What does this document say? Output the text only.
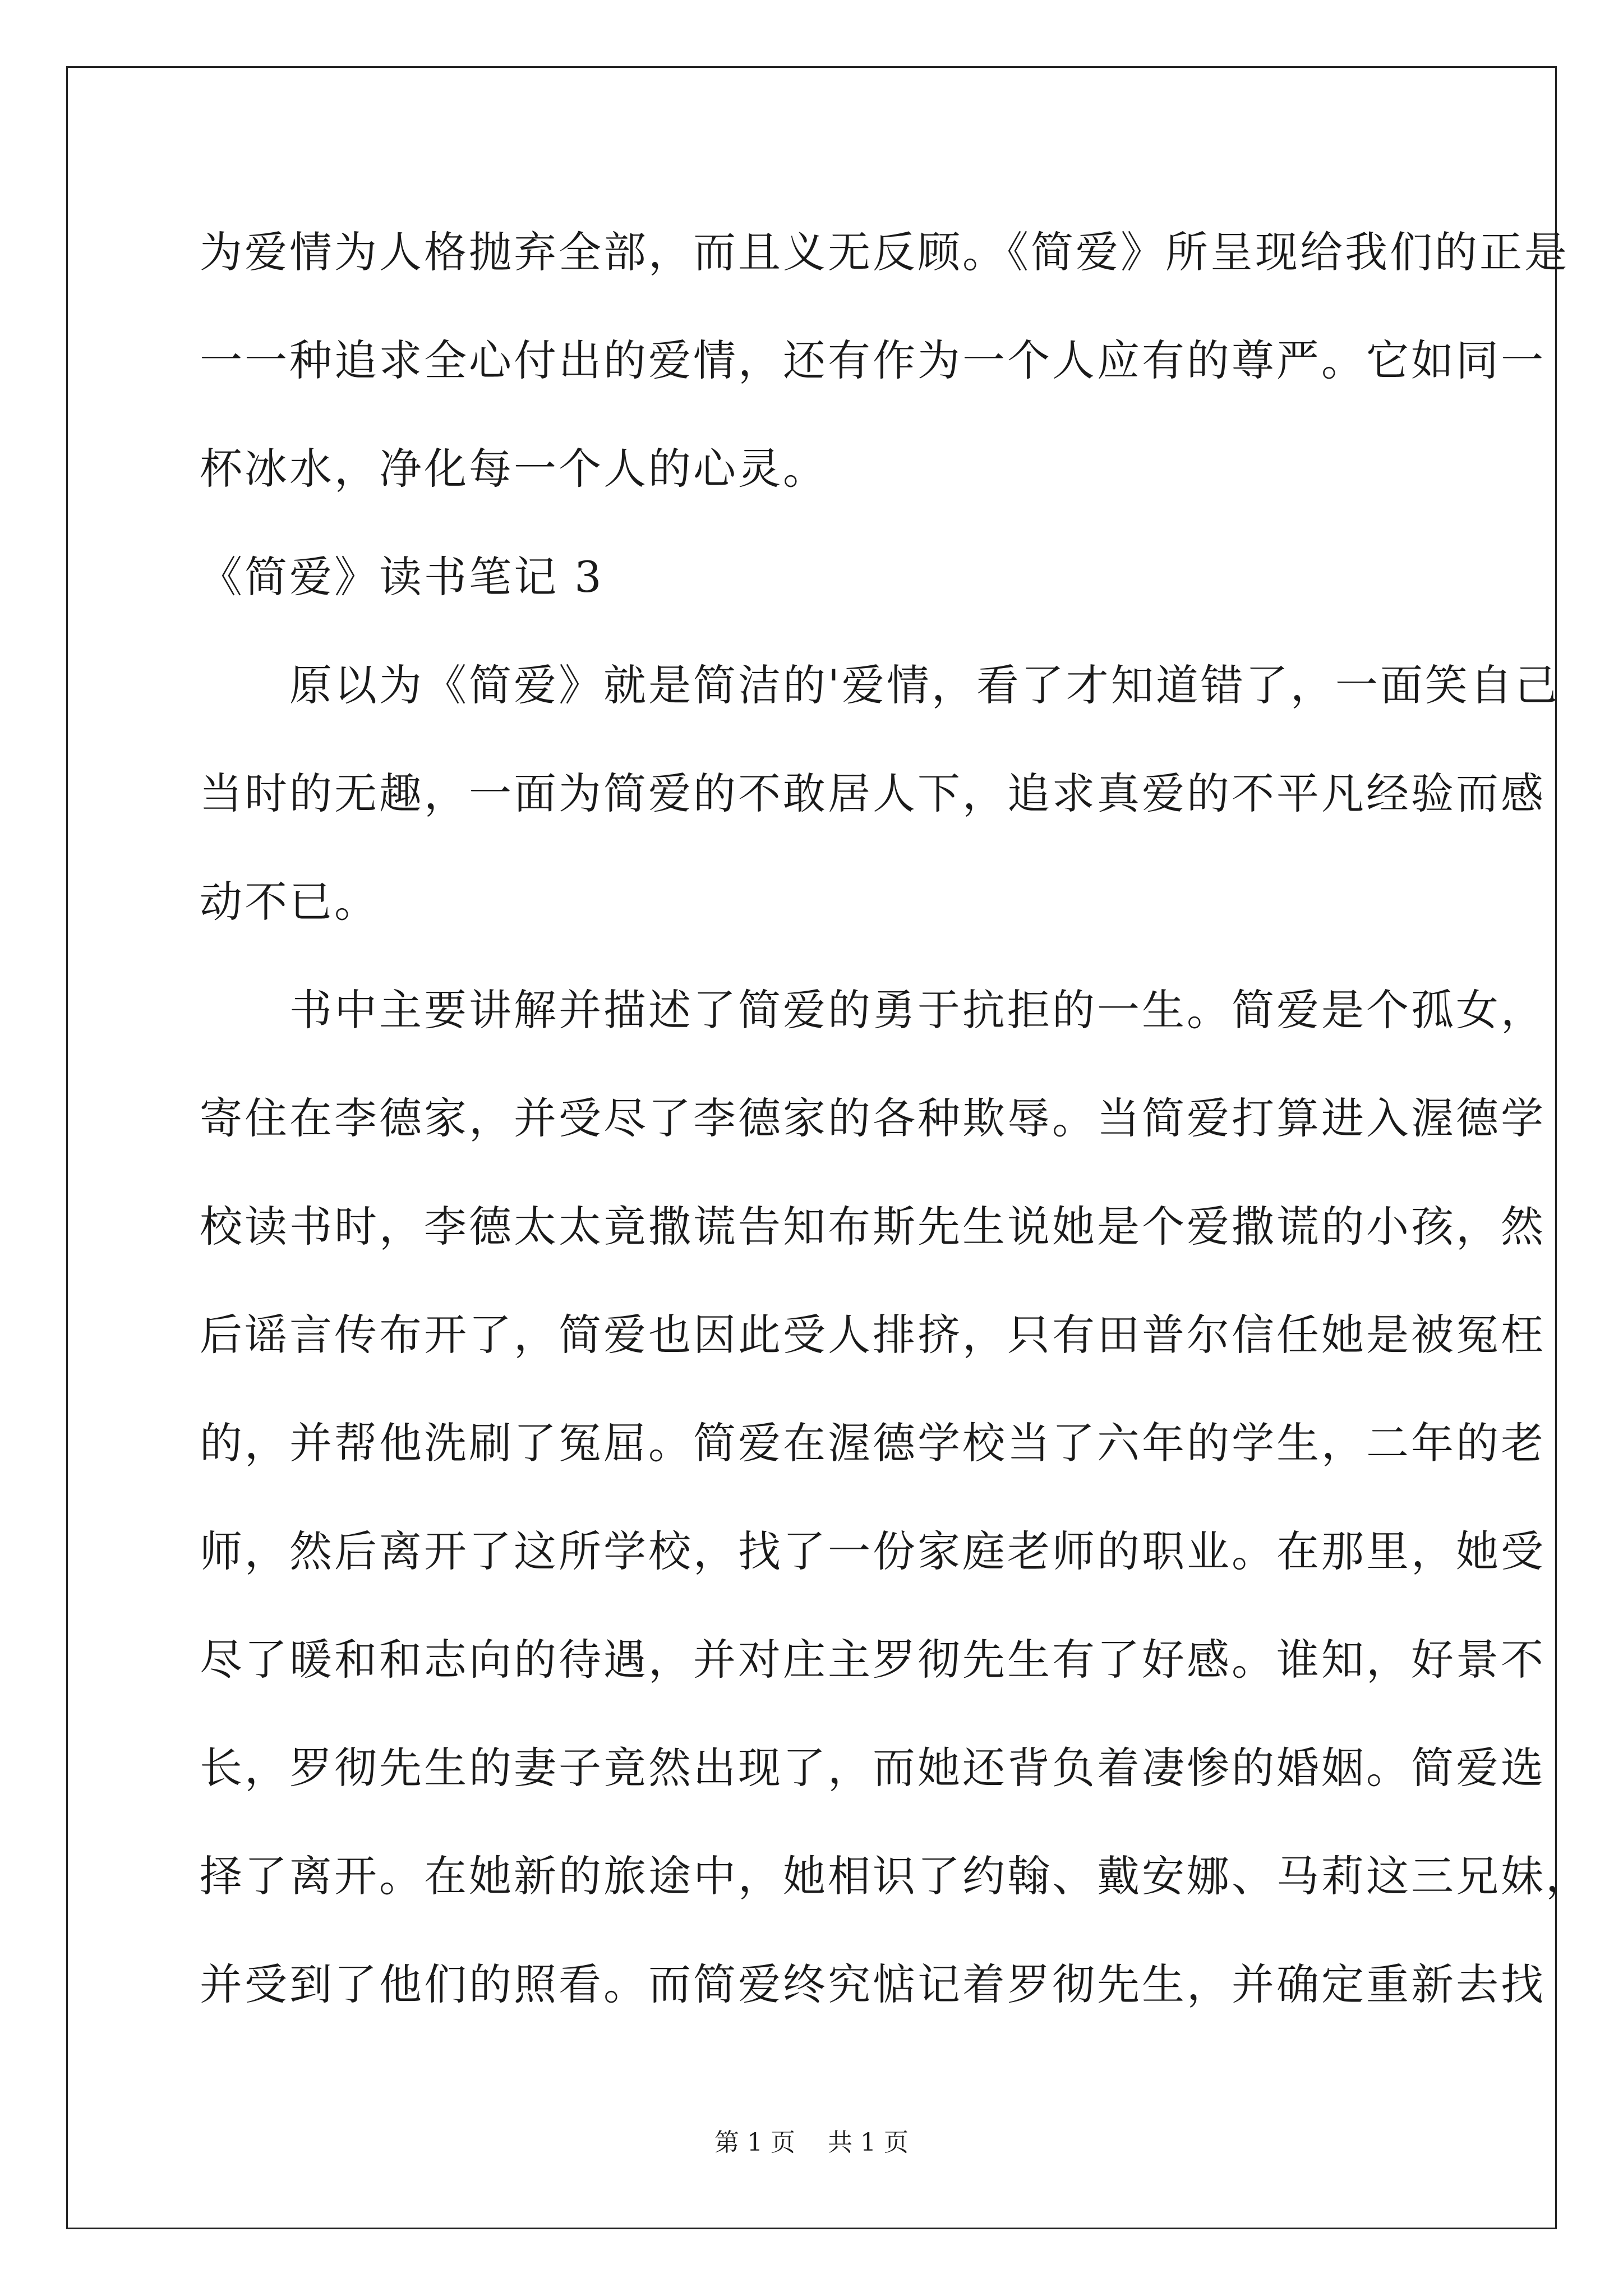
为爱情为人格抛弃全部，而且义无反顾。《简爱》所呈现给我们的正是
一一种追求全心付出的爱情，还有作为一个人应有的尊严。它如同一
杯冰水，净化每一个人的心灵。
《简爱》读书笔记 3
　　原以为《简爱》就是简洁的'爱情，看了才知道错了，一面笑自己
当时的无趣，一面为简爱的不敢居人下，追求真爱的不平凡经验而感
动不已。
　　书中主要讲解并描述了简爱的勇于抗拒的一生。简爱是个孤女，
寄住在李德家，并受尽了李德家的各种欺辱。当简爱打算进入渥德学
校读书时，李德太太竟撒谎告知布斯先生说她是个爱撒谎的小孩，然
后谣言传布开了，简爱也因此受人排挤，只有田普尔信任她是被冤枉
的，并帮他洗刷了冤屈。简爱在渥德学校当了六年的学生，二年的老
师，然后离开了这所学校，找了一份家庭老师的职业。在那里，她受
尽了暖和和志向的待遇，并对庄主罗彻先生有了好感。谁知，好景不
长，罗彻先生的妻子竟然出现了，而她还背负着凄惨的婚姻。简爱选
择了离开。在她新的旅途中，她相识了约翰、戴安娜、马莉这三兄妹，
并受到了他们的照看。而简爱终究惦记着罗彻先生，并确定重新去找
第 1 页　 共 1 页
